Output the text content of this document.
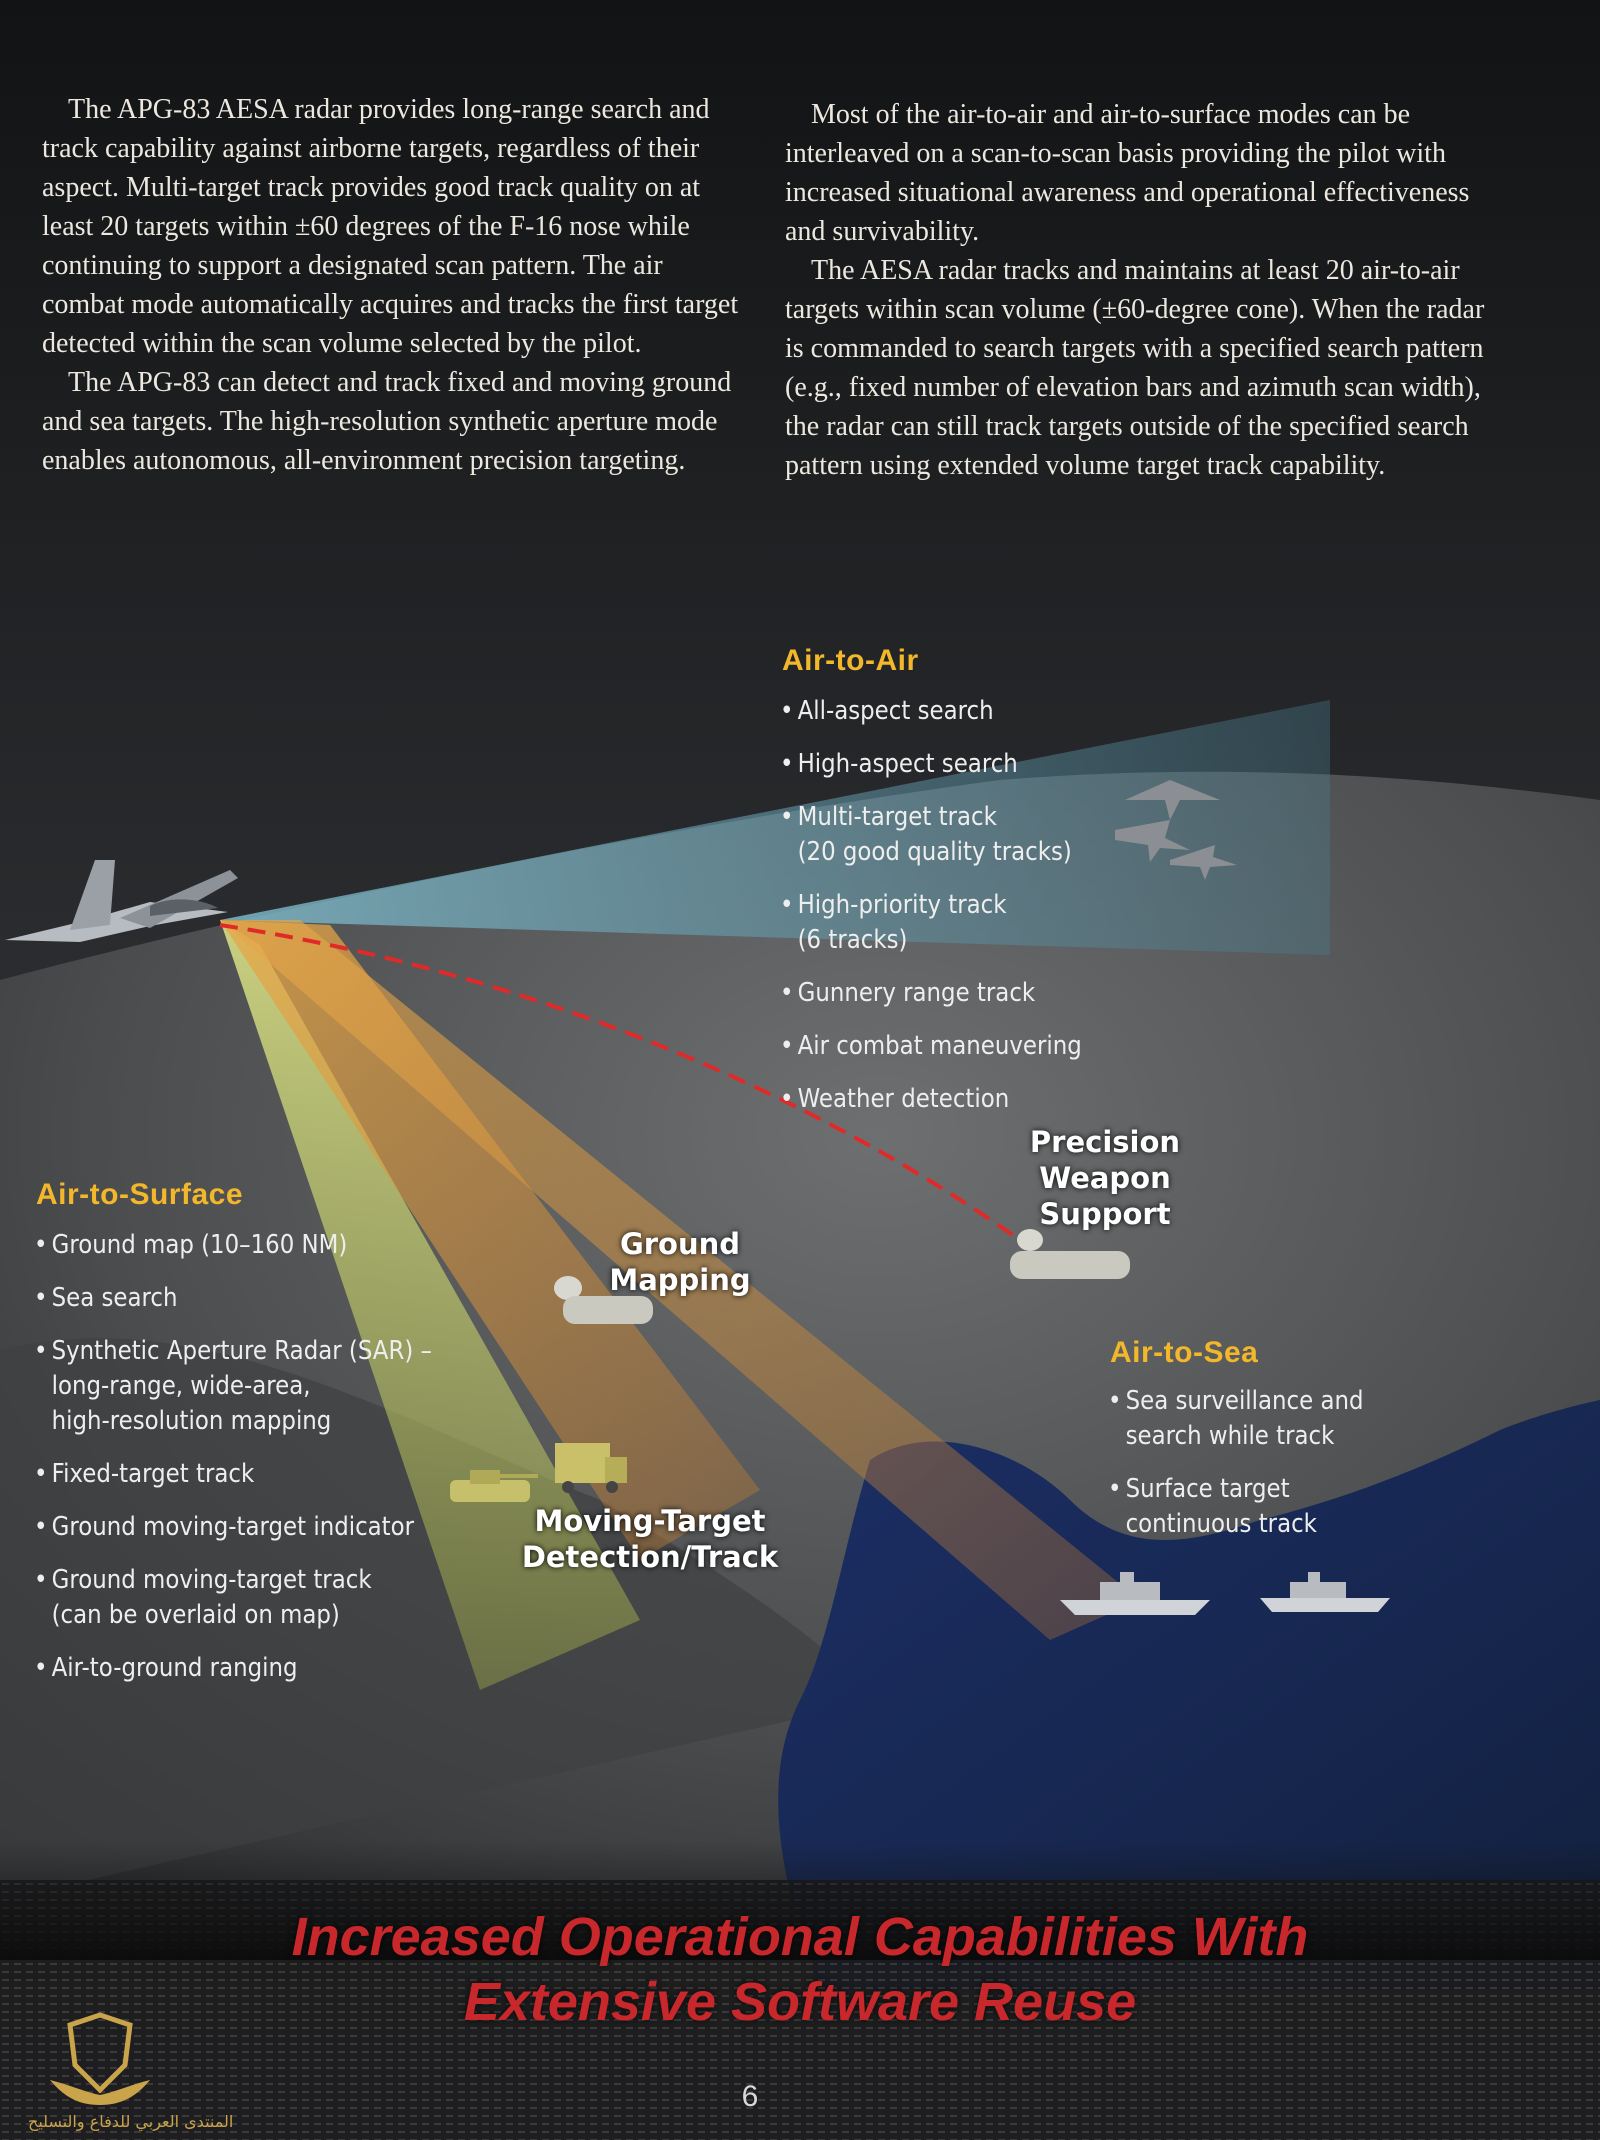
The APG-83 AESA radar provides long-range search and track capability against airborne targets, regardless of their aspect. Multi-target track provides good track quality on at least 20 targets within ±60 degrees of the F-16 nose while continuing to support a designated scan pattern. The air combat mode automatically acquires and tracks the first target detected within the scan volume selected by the pilot.

The APG-83 can detect and track fixed and moving ground and sea targets. The high-resolution synthetic aperture mode enables autonomous, all-environment precision targeting.

Most of the air-to-air and air-to-surface modes can be interleaved on a scan-to-scan basis providing the pilot with increased situational awareness and operational effectiveness and survivability.

The AESA radar tracks and maintains at least 20 air-to-air targets within scan volume (±60-degree cone). When the radar is commanded to search targets with a specified search pattern (e.g., fixed number of elevation bars and azimuth scan width), the radar can still track targets outside of the specified search pattern using extended volume target track capability.

Air-to-Air
• All-aspect search
• High-aspect search
• Multi-target track
(20 good quality tracks)
• High-priority track
(6 tracks)
• Gunnery range track
• Air combat maneuvering
• Weather detection
Air-to-Surface
• Ground map (10–160 NM)
• Sea search
• Synthetic Aperture Radar (SAR) –
long-range, wide-area,
high-resolution mapping
• Fixed-target track
• Ground moving-target indicator
• Ground moving-target track
(can be overlaid on map)
• Air-to-ground ranging
Air-to-Sea
• Sea surveillance and
search while track
• Surface target
continuous track
Precision
Weapon
Support
Ground
Mapping
Moving-Target
Detection/Track
Increased Operational Capabilities With
Extensive Software Reuse
6
المنتدى العربي للدفاع والتسليح
